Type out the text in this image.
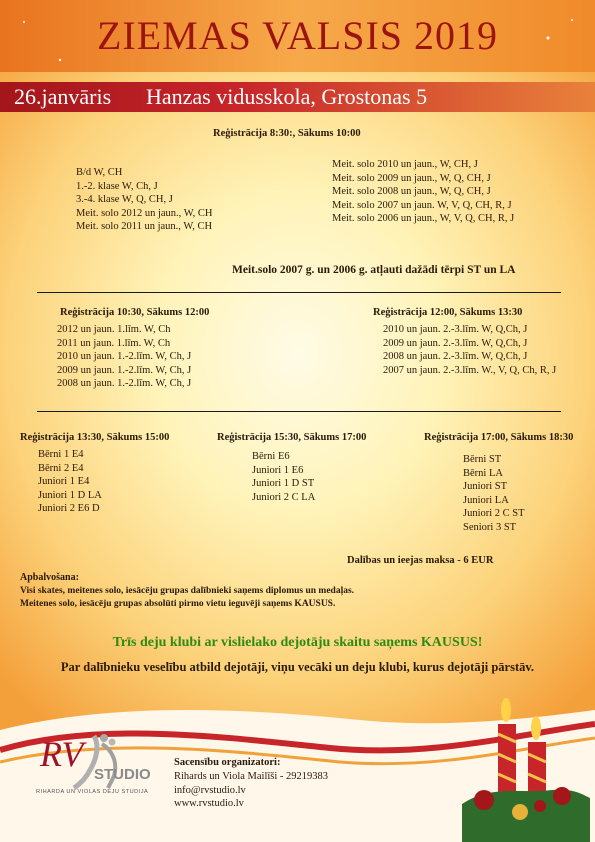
ZIEMAS VALSIS 2019
26.janvāris Hanzas vidusskola, Grostonas 5
Reģistrācija 8:30:, Sākums 10:00
B/d W, CH
1.-2. klase W, Ch, J
3.-4. klase W, Q, CH, J
Meit. solo 2012 un jaun., W, CH
Meit. solo 2011 un jaun., W, CH
Meit. solo 2010 un jaun., W, CH, J
Meit. solo 2009 un jaun., W, Q, CH, J
Meit. solo 2008 un jaun., W, Q, CH, J
Meit. solo 2007 un jaun. W, V, Q, CH, R, J
Meit. solo 2006 un jaun., W, V, Q, CH, R, J
Meit.solo 2007 g. un 2006 g. atļauti dažādi tērpi ST un LA
Reģistrācija 10:30, Sākums 12:00
2012 un jaun. 1.līm. W, Ch
2011 un jaun. 1.līm. W, Ch
2010 un jaun. 1.-2.līm. W, Ch, J
2009 un jaun. 1.-2.līm. W, Ch, J
2008 un jaun. 1.-2.līm. W, Ch, J
Reģistrācija 12:00, Sākums 13:30
2010 un jaun. 2.-3.līm. W, Q,Ch, J
2009 un jaun. 2.-3.līm. W, Q,Ch, J
2008 un jaun. 2.-3.līm. W, Q,Ch, J
2007 un jaun. 2.-3.līm. W., V, Q, Ch, R, J
Reģistrācija 13:30, Sākums 15:00
Bērni 1 E4
Bērni 2 E4
Juniori 1 E4
Juniori 1 D LA
Juniori 2 E6 D
Reģistrācija 15:30, Sākums 17:00
Bērni E6
Juniori 1 E6
Juniori 1 D ST
Juniori 2 C LA
Reģistrācija 17:00, Sākums 18:30
Bērni ST
Bērni LA
Juniori ST
Juniori LA
Juniori 2 C ST
Seniori 3 ST
Dalības un ieejas maksa - 6 EUR
Apbalvošana:
Visi skates, meitenes solo, iesācēju grupas dalībnieki saņems diplomus un medaļas.
Meitenes solo, iesācēju grupas absolūti pirmo vietu ieguvēji saņems KAUSUS.
Trīs deju klubi ar vislielako dejotāju skaitu saņems KAUSUS!
Par dalībnieku veselību atbild dejotāji, viņu vecāki un deju klubi, kurus dejotāji pārstāv.
RV
STUDIO
RIHARDA UN VIOLAS DEJU STUDIJA
Sacensību organizatori:
Rihards un Viola Mailīši - 29219383
info@rvstudio.lv
www.rvstudio.lv
